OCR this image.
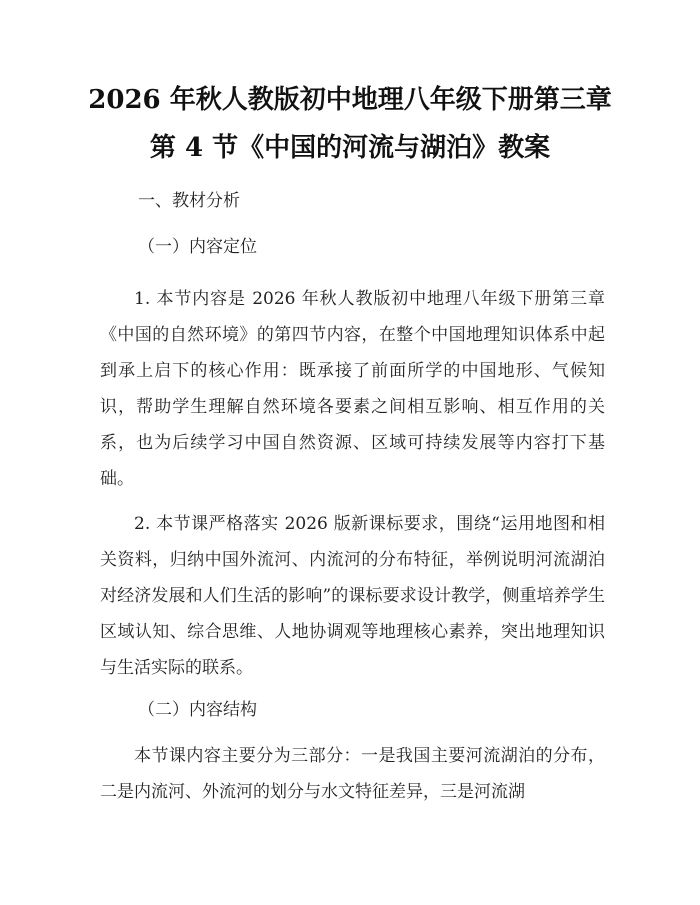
2026 年秋人教版初中地理八年级下册第三章
第 4 节《中国的河流与湖泊》教案
一、教材分析
（一）内容定位

1. 本节内容是 2026 年秋人教版初中地理八年级下册第三章《中国的自然环境》的第四节内容，在整个中国地理知识体系中起到承上启下的核心作用：既承接了前面所学的中国地形、气候知识，帮助学生理解自然环境各要素之间相互影响、相互作用的关系，也为后续学习中国自然资源、区域可持续发展等内容打下基础。

2. 本节课严格落实 2026 版新课标要求，围绕“运用地图和相关资料，归纳中国外流河、内流河的分布特征，举例说明河流湖泊对经济发展和人们生活的影响”的课标要求设计教学，侧重培养学生区域认知、综合思维、人地协调观等地理核心素养，突出地理知识与生活实际的联系。

（二）内容结构

本节课内容主要分为三部分：一是我国主要河流湖泊的分布，二是内流河、外流河的划分与水文特征差异，三是河流湖
